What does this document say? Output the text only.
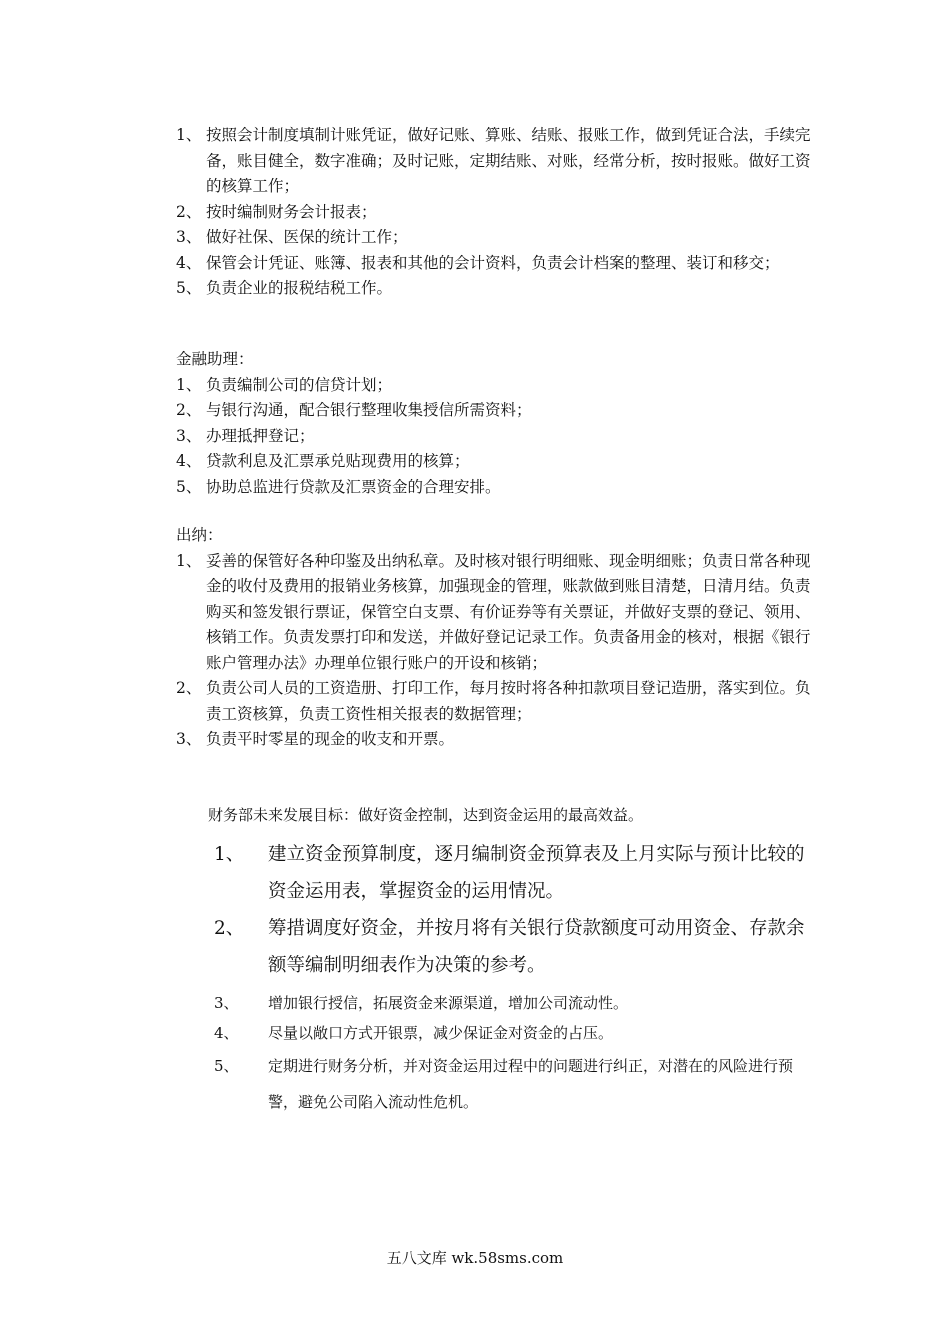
1、 按照会计制度填制计账凭证，做好记账、算账、结账、报账工作，做到凭证合法，手续完备，账目健全，数字准确；及时记账，定期结账、对账，经常分析，按时报账。做好工资的核算工作；
2、 按时编制财务会计报表；
3、 做好社保、医保的统计工作；
4、 保管会计凭证、账簿、报表和其他的会计资料，负责会计档案的整理、装订和移交；
5、 负责企业的报税结税工作。
金融助理：
1、 负责编制公司的信贷计划；
2、 与银行沟通，配合银行整理收集授信所需资料；
3、 办理抵押登记；
4、 贷款利息及汇票承兑贴现费用的核算；
5、 协助总监进行贷款及汇票资金的合理安排。
出纳：
1、 妥善的保管好各种印鉴及出纳私章。及时核对银行明细账、现金明细账；负责日常各种现金的收付及费用的报销业务核算，加强现金的管理，账款做到账目清楚，日清月结。负责购买和签发银行票证，保管空白支票、有价证券等有关票证，并做好支票的登记、领用、核销工作。负责发票打印和发送，并做好登记记录工作。负责备用金的核对，根据《银行账户管理办法》办理单位银行账户的开设和核销；
2、 负责公司人员的工资造册、打印工作，每月按时将各种扣款项目登记造册，落实到位。负责工资核算，负责工资性相关报表的数据管理；
3、 负责平时零星的现金的收支和开票。
财务部未来发展目标：做好资金控制，达到资金运用的最高效益。
1、 建立资金预算制度，逐月编制资金预算表及上月实际与预计比较的资金运用表，掌握资金的运用情况。
2、 筹措调度好资金，并按月将有关银行贷款额度可动用资金、存款余额等编制明细表作为决策的参考。
3、 增加银行授信，拓展资金来源渠道，增加公司流动性。
4、 尽量以敞口方式开银票，减少保证金对资金的占压。
5、 定期进行财务分析，并对资金运用过程中的问题进行纠正，对潜在的风险进行预警，避免公司陷入流动性危机。
五八文库 wk.58sms.com
